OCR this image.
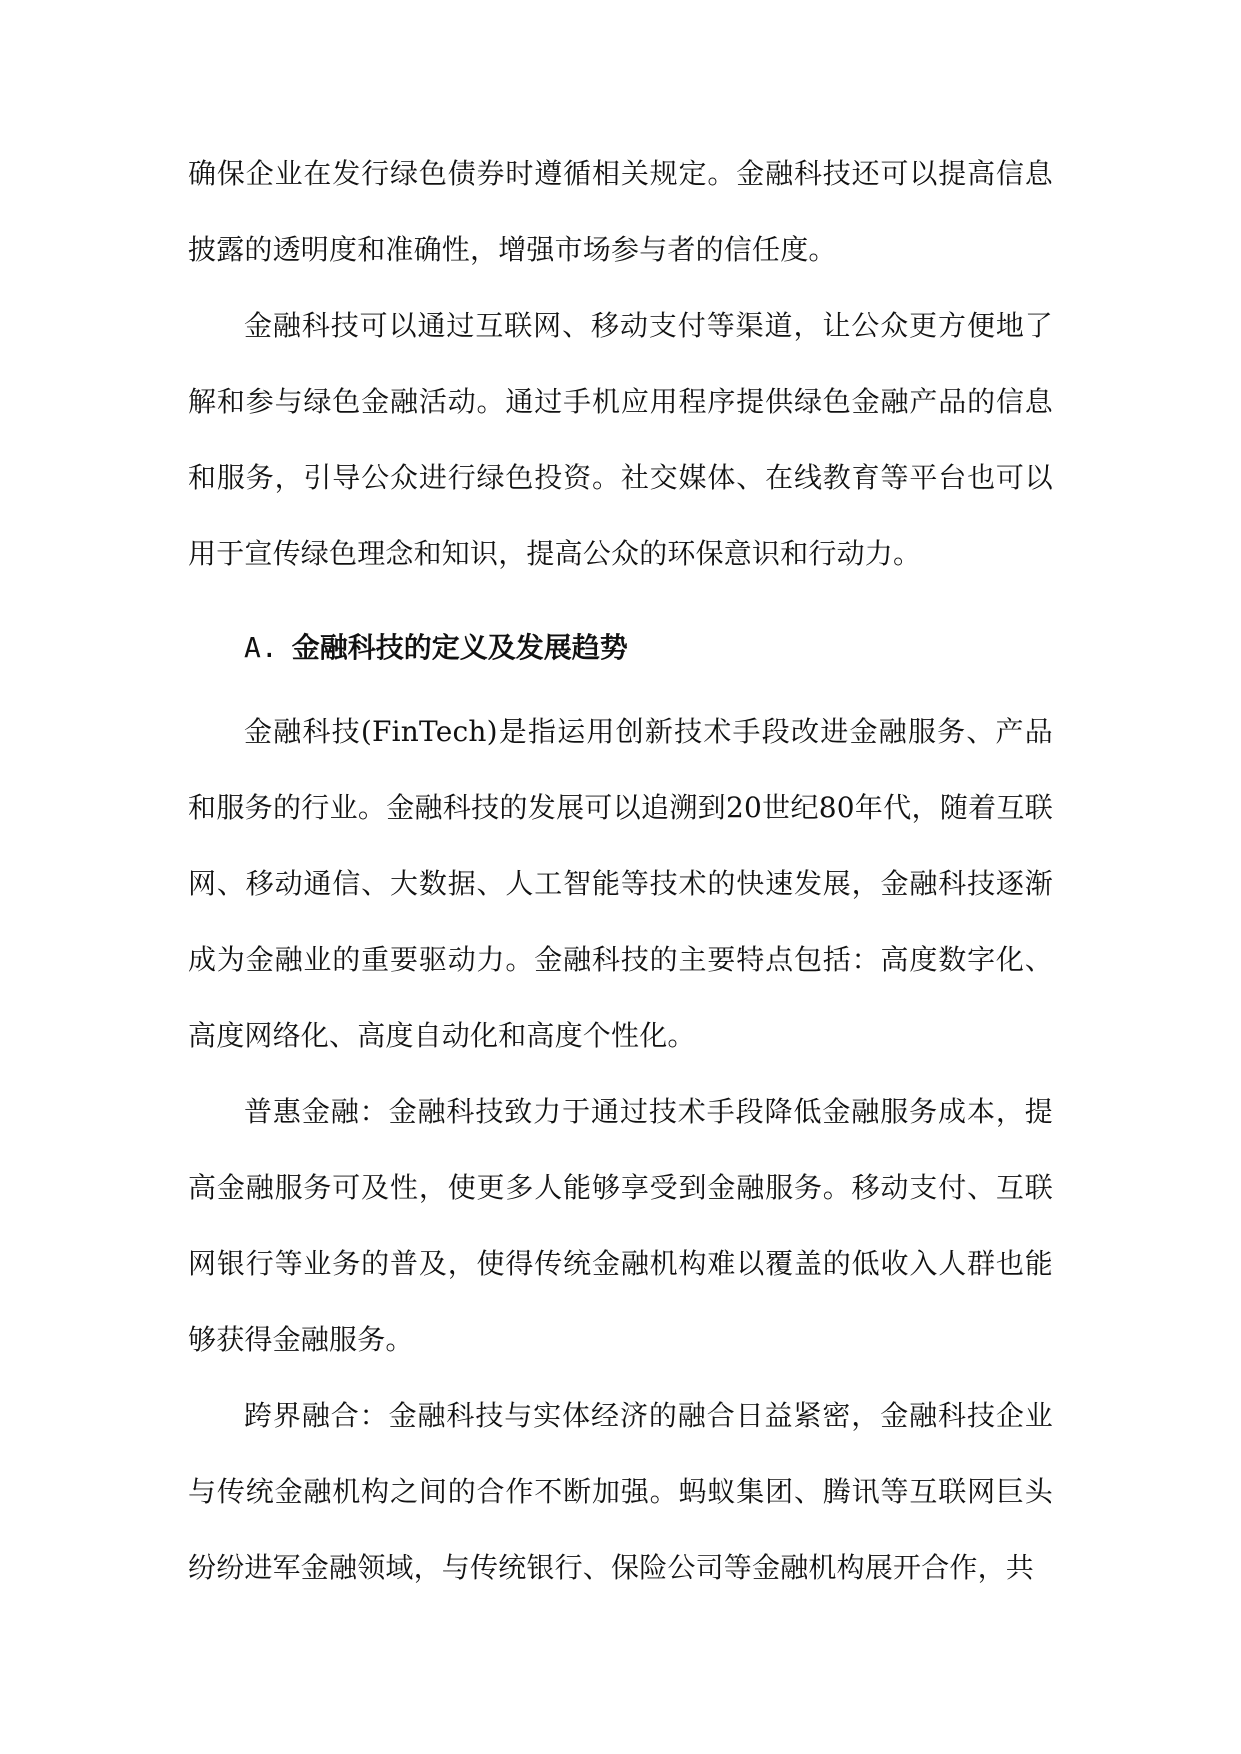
确保企业在发行绿色债券时遵循相关规定。金融科技还可以提高信息披露的透明度和准确性，增强市场参与者的信任度。

金融科技可以通过互联网、移动支付等渠道，让公众更方便地了解和参与绿色金融活动。通过手机应用程序提供绿色金融产品的信息和服务，引导公众进行绿色投资。社交媒体、在线教育等平台也可以用于宣传绿色理念和知识，提高公众的环保意识和行动力。

A. 金融科技的定义及发展趋势

金融科技(FinTech)是指运用创新技术手段改进金融服务、产品和服务的行业。金融科技的发展可以追溯到20世纪80年代，随着互联网、移动通信、大数据、人工智能等技术的快速发展，金融科技逐渐成为金融业的重要驱动力。金融科技的主要特点包括：高度数字化、高度网络化、高度自动化和高度个性化。

普惠金融：金融科技致力于通过技术手段降低金融服务成本，提高金融服务可及性，使更多人能够享受到金融服务。移动支付、互联网银行等业务的普及，使得传统金融机构难以覆盖的低收入人群也能够获得金融服务。

跨界融合：金融科技与实体经济的融合日益紧密，金融科技企业与传统金融机构之间的合作不断加强。蚂蚁集团、腾讯等互联网巨头纷纷进军金融领域，与传统银行、保险公司等金融机构展开合作，共
